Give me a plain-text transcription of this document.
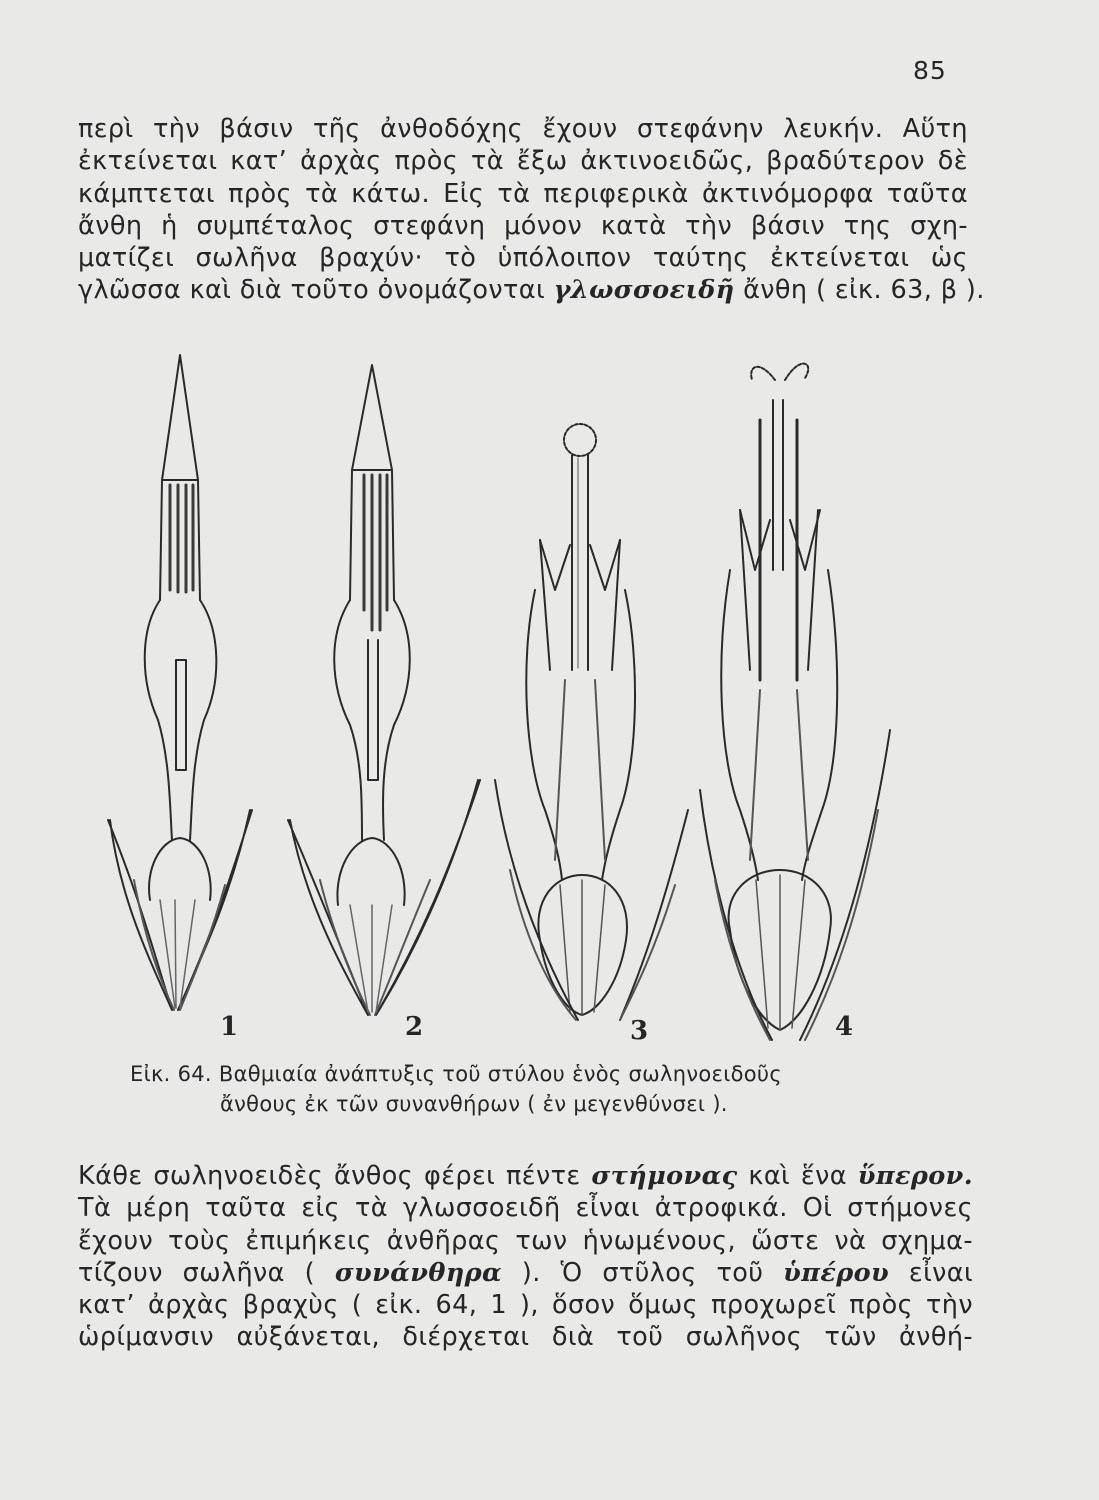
85
περὶ τὴν βάσιν τῆς ἀνθοδόχης ἔχουν στεφάνην λευκήν. Αὕτη
ἐκτείνεται κατ’ ἀρχὰς πρὸς τὰ ἔξω ἀκτινοειδῶς, βραδύτερον δὲ
κάμπτεται πρὸς τὰ κάτω. Εἰς τὰ περιφερικὰ ἀκτινόμορφα ταῦτα
ἄνθη ἡ συμπέταλος στεφάνη μόνον κατὰ τὴν βάσιν της σχη-
ματίζει σωλῆνα βραχύν· τὸ ὑπόλοιπον ταύτης ἐκτείνεται ὡς
γλῶσσα καὶ διὰ τοῦτο ὀνομάζονται γλωσσοειδῆ ἄνθη ( εἰκ. 63, β ).
1	2	3	4
Εἰκ. 64. Βαθμιαία ἀνάπτυξις τοῦ στύλου ἑνὸς σωληνοειδοῦς
ἄνθους ἐκ τῶν συνανθήρων ( ἐν μεγενθύνσει ).
Κάθε σωληνοειδὲς ἄνθος φέρει πέντε στήμονας καὶ ἕνα ὕπερον.
Τὰ μέρη ταῦτα εἰς τὰ γλωσσοειδῆ εἶναι ἀτροφικά. Οἱ στήμονες
ἔχουν τοὺς ἐπιμήκεις ἀνθῆρας των ἡνωμένους, ὥστε νὰ σχημα-
τίζουν σωλῆνα ( συνάνθηρα ). Ὁ στῦλος τοῦ ὑπέρου εἶναι
κατ’ ἀρχὰς βραχὺς ( εἰκ. 64, 1 ), ὅσον ὅμως προχωρεῖ πρὸς τὴν
ὡρίμανσιν αὐξάνεται, διέρχεται διὰ τοῦ σωλῆνος τῶν ἀνθή-
